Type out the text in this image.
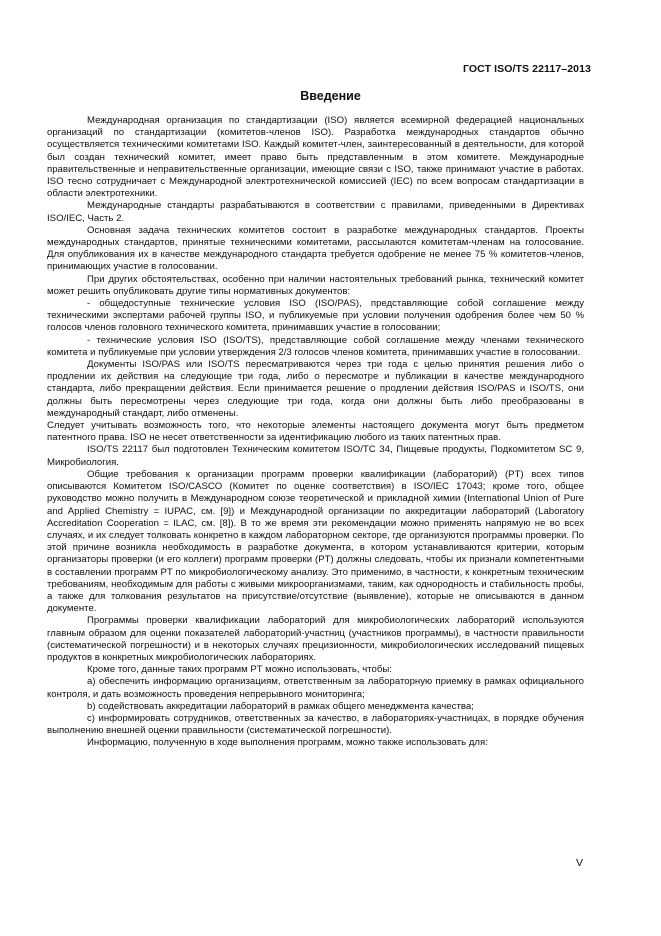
ГОСТ ISO/TS 22117–2013
Введение

Международная организация по стандартизации (ISO) является всемирной федерацией национальных организаций по стандартизации (комитетов-членов ISO). Разработка международных стандартов обычно осуществляется техническими комитетами ISO. Каждый комитет-член, заинтересованный в деятельности, для которой был создан технический комитет, имеет право быть представленным в этом комитете. Международные правительственные и неправительственные организации, имеющие связи с ISO, также принимают участие в работах. ISO тесно сотрудничает с Международной электротехнической комиссией (IEC) по всем вопросам стандартизации в области электротехники.

Международные стандарты разрабатываются в соответствии с правилами, приведенными в Директивах ISO/IEC, Часть 2.

Основная задача технических комитетов состоит в разработке международных стандартов. Проекты международных стандартов, принятые техническими комитетами, рассылаются комитетам-членам на голосование. Для опубликования их в качестве международного стандарта требуется одобрение не менее 75 % комитетов-членов, принимающих участие в голосовании.

При других обстоятельствах, особенно при наличии настоятельных требований рынка, технический комитет может решить опубликовать другие типы нормативных документов:

- общедоступные технические условия ISO (ISO/PAS), представляющие собой соглашение между техническими экспертами рабочей группы ISO, и публикуемые при условии получения одобрения более чем 50 % голосов членов головного технического комитета, принимавших участие в голосовании;

- технические условия ISO (ISO/TS), представляющие собой соглашение между членами технического комитета и публикуемые при условии утверждения 2/3 голосов членов комитета, принимавших участие в голосовании.

Документы ISO/PAS или ISO/TS пересматриваются через три года с целью принятия решения либо о продлении их действия на следующие три года, либо о пересмотре и публикации в качестве международного стандарта, либо прекращении действия. Если принимается решение о продлении действия ISO/PAS и ISO/TS, они должны быть пересмотрены через следующие три года, когда они должны быть либо преобразованы в международный стандарт, либо отменены.

Следует учитывать возможность того, что некоторые элементы настоящего документа могут быть предметом патентного права. ISO не несет ответственности за идентификацию любого из таких патентных прав.

ISO/TS 22117 был подготовлен Техническим комитетом ISO/TC 34, Пищевые продукты, Подкомитетом SC 9, Микробиология.

Общие требования к организации программ проверки квалификации (лабораторий) (PT) всех типов описываются Комитетом ISO/CASCO (Комитет по оценке соответствия) в ISO/IEC 17043; кроме того, общее руководство можно получить в Международном союзе теоретической и прикладной химии (International Union of Pure and Applied Chemistry = IUPAC, см. [9]) и Международной организации по аккредитации лабораторий (Laboratory Accreditation Cooperation = ILAC, см. [8]). В то же время эти рекомендации можно применять напрямую не во всех случаях, и их следует толковать конкретно в каждом лабораторном секторе, где организуются программы проверки. По этой причине возникла необходимость в разработке документа, в котором устанавливаются критерии, которым организаторы проверки (и его коллеги) программ проверки (PT) должны следовать, чтобы их признали компетентными в составлении программ PT по микробиологическому анализу. Это применимо, в частности, к конкретным техническим требованиям, необходимым для работы с живыми микроорганизмами, таким, как однородность и стабильность пробы, а также для толкования результатов на присутствие/отсутствие (выявление), которые не описываются в данном документе.

Программы проверки квалификации лабораторий для микробиологических лабораторий используются главным образом для оценки показателей лабораторий-участниц (участников программы), в частности правильности (систематической погрешности) и в некоторых случаях прецизионности, микробиологических исследований пищевых продуктов в конкретных микробиологических лабораториях.

Кроме того, данные таких программ PT можно использовать, чтобы:

а) обеспечить информацию организациям, ответственным за лабораторную приемку в рамках официального контроля, и дать возможность проведения непрерывного мониторинга;

b) содействовать аккредитации лабораторий в рамках общего менеджмента качества;

c) информировать сотрудников, ответственных за качество, в лабораториях-участницах, в порядке обучения выполнению внешней оценки правильности (систематической погрешности).

Информацию, полученную в ходе выполнения программ, можно также использовать для:

V
